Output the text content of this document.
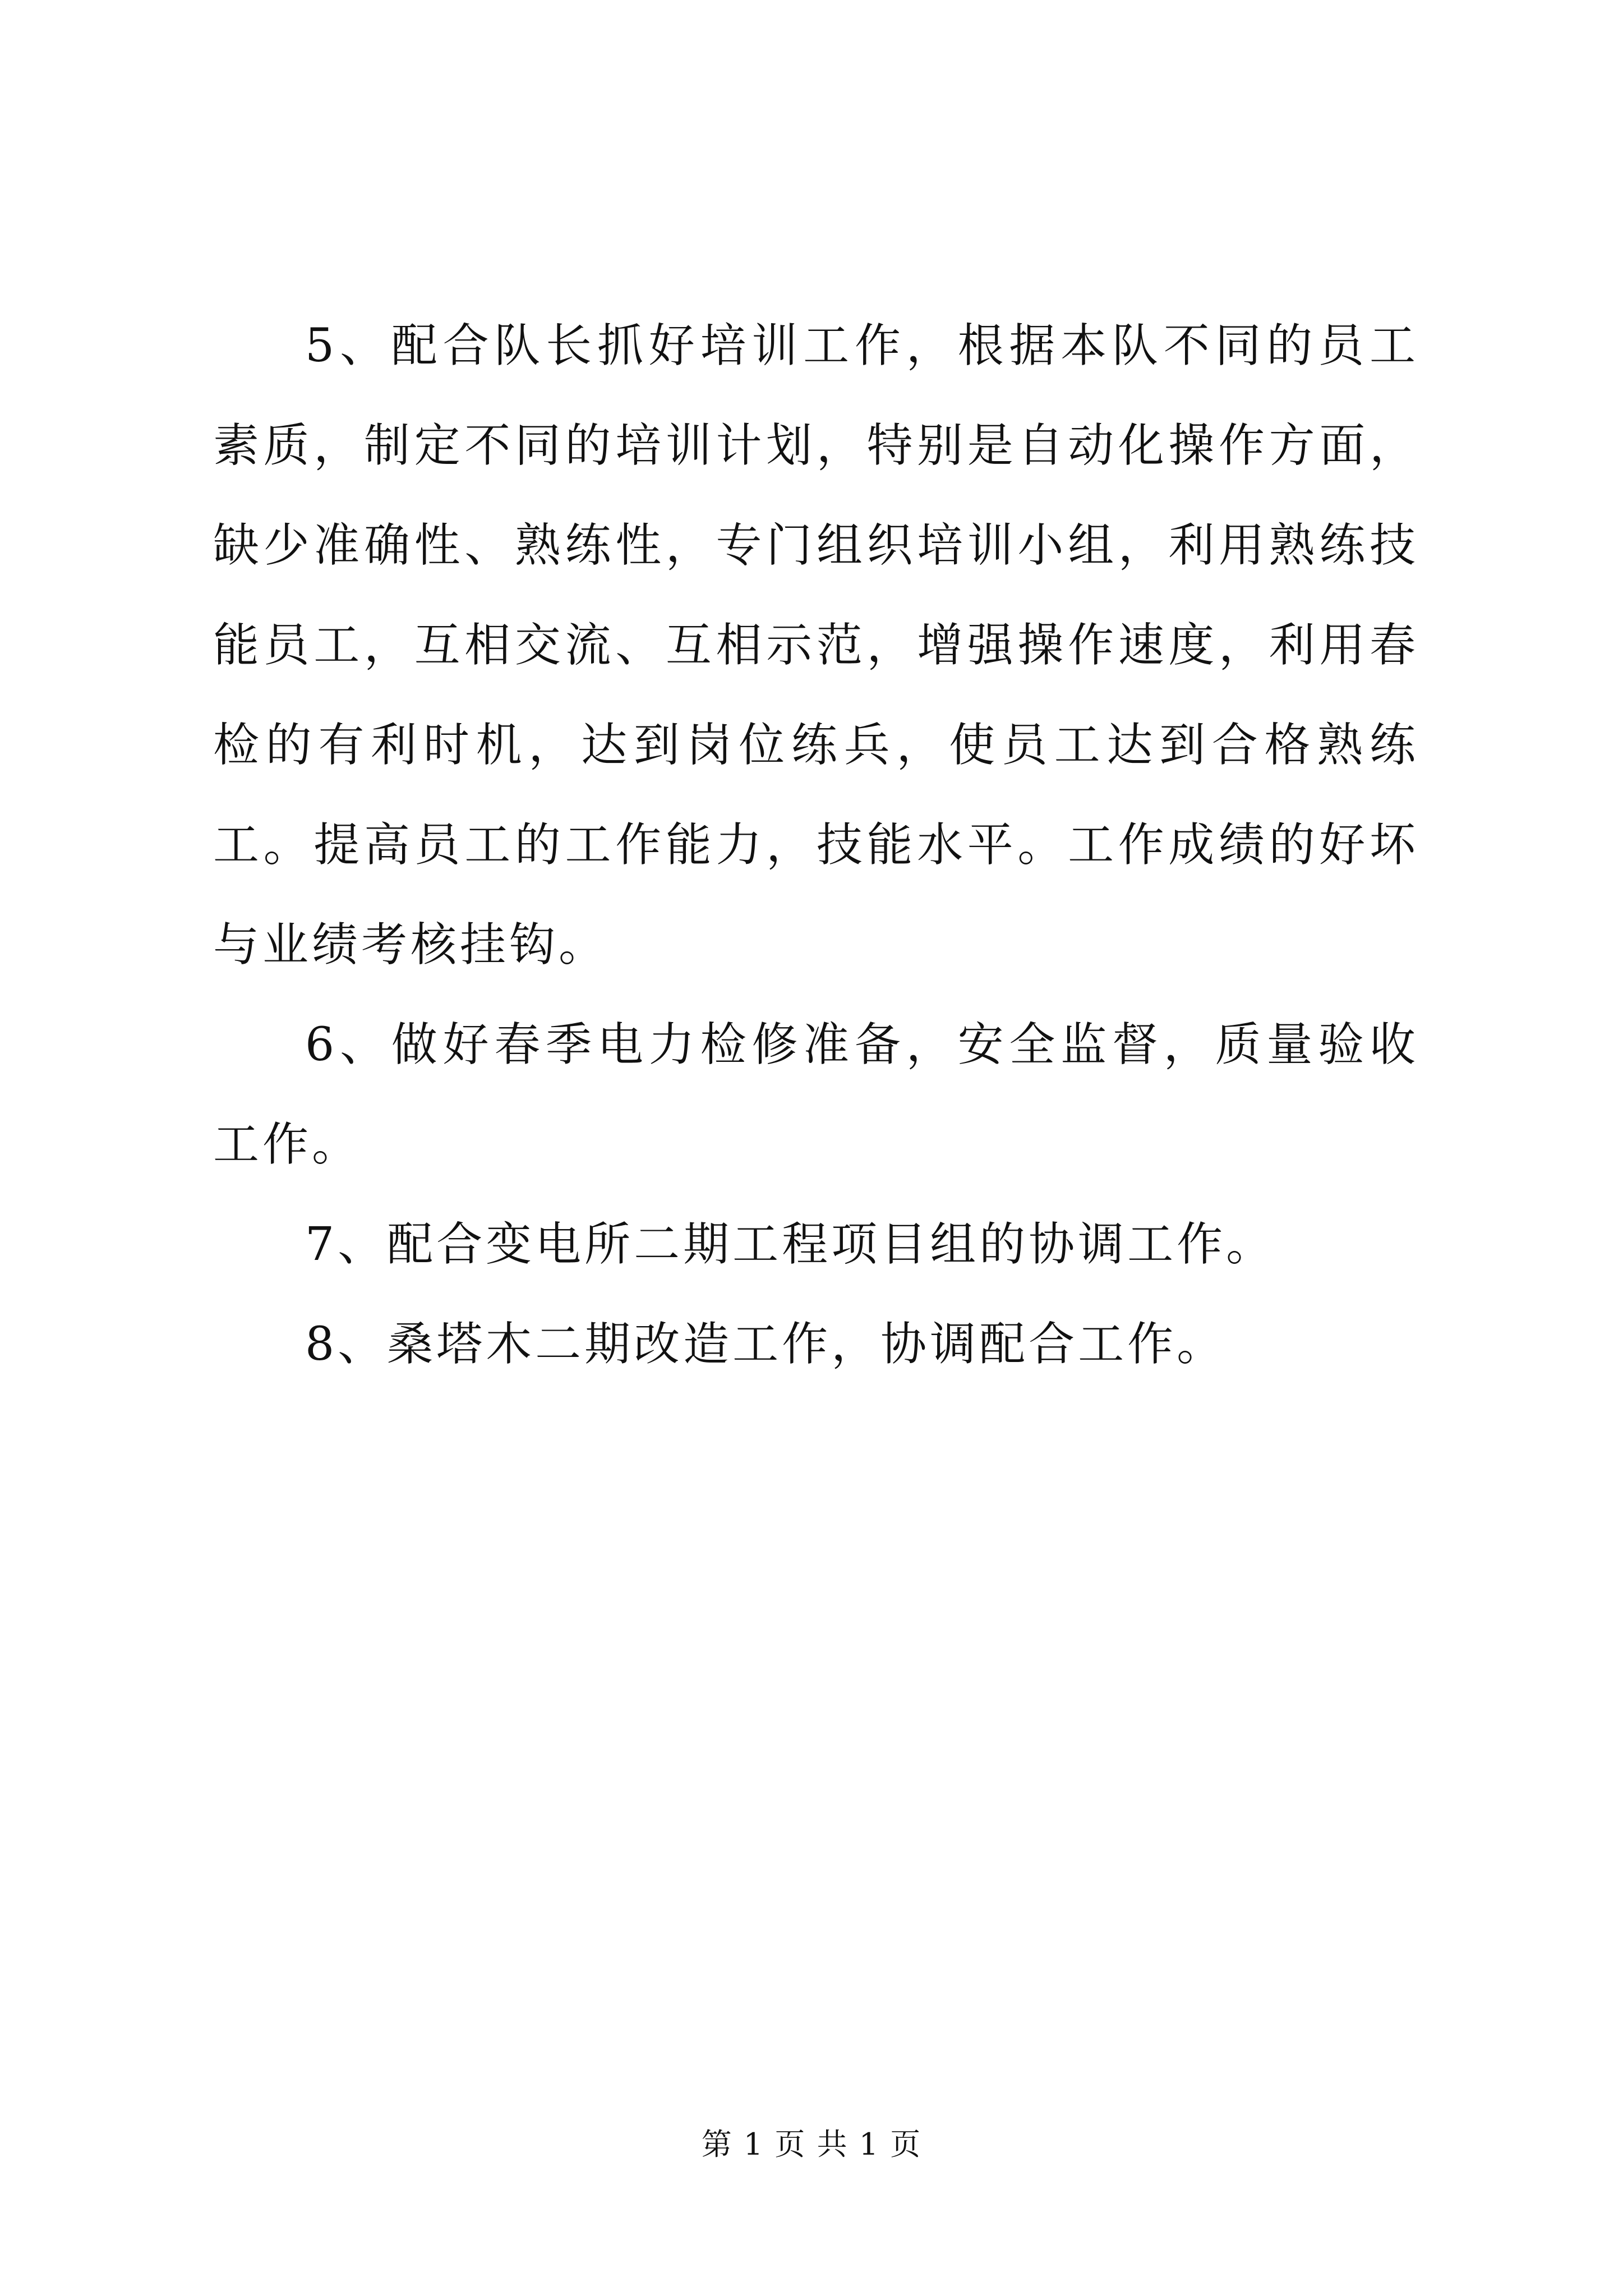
5、配合队长抓好培训工作，根据本队不同的员工素质，制定不同的培训计划，特别是自动化操作方面，缺少准确性、熟练性，专门组织培训小组，利用熟练技能员工，互相交流、互相示范，增强操作速度，利用春检的有利时机，达到岗位练兵，使员工达到合格熟练工。提高员工的工作能力，技能水平。工作成绩的好坏与业绩考核挂钩。

6、做好春季电力检修准备，安全监督，质量验收工作。

7、配合变电所二期工程项目组的协调工作。

8、桑塔木二期改造工作，协调配合工作。

第 1 页 共 1 页
